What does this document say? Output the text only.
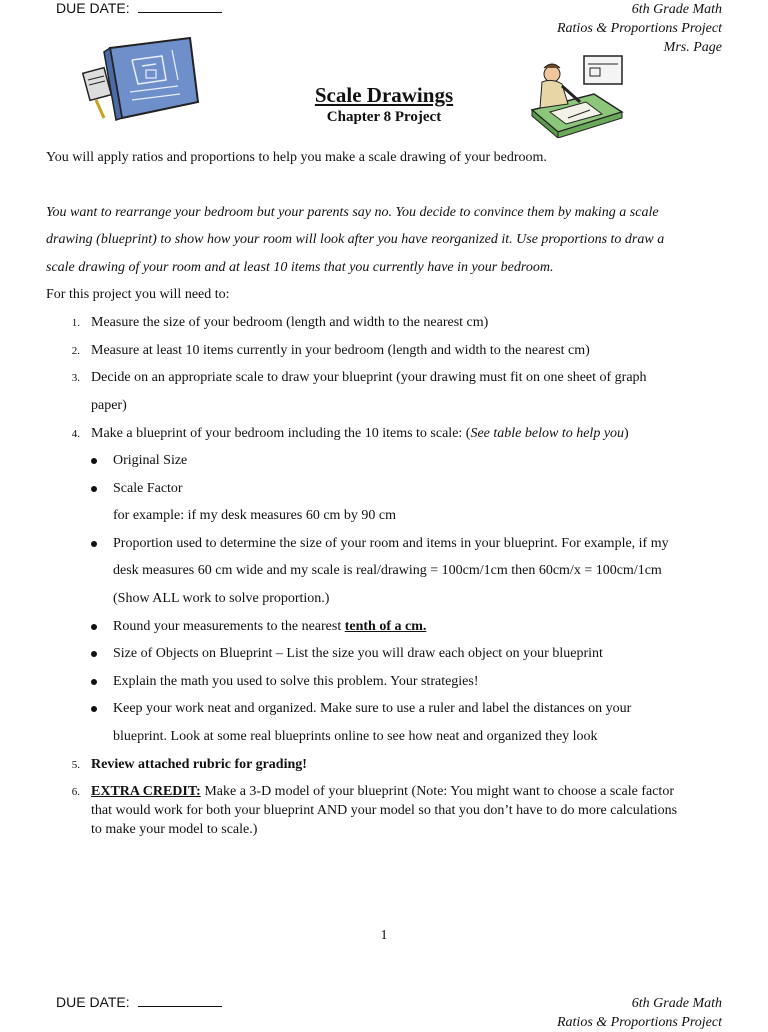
DUE DATE:	6th Grade Math
Ratios & Proportions Project
Mrs. Page
Scale Drawings
Chapter 8 Project
You will apply ratios and proportions to help you make a scale drawing of your bedroom.
You want to rearrange your bedroom but your parents say no. You decide to convince them by making a scale
drawing (blueprint) to show how your room will look after you have reorganized it. Use proportions to draw a
scale drawing of your room and at least 10 items that you currently have in your bedroom.
For this project you will need to:
1. Measure the size of your bedroom (length and width to the nearest cm)
2. Measure at least 10 items currently in your bedroom (length and width to the nearest cm)
3. Decide on an appropriate scale to draw your blueprint (your drawing must fit on one sheet of graph
paper)
4. Make a blueprint of your bedroom including the 10 items to scale: (See table below to help you)
Original Size
Scale Factor
for example: if my desk measures 60 cm by 90 cm
Proportion used to determine the size of your room and items in your blueprint. For example, if my
desk measures 60 cm wide and my scale is real/drawing = 100cm/1cm then 60cm/x = 100cm/1cm
(Show ALL work to solve proportion.)
Round your measurements to the nearest tenth of a cm.
Size of Objects on Blueprint – List the size you will draw each object on your blueprint
Explain the math you used to solve this problem. Your strategies!
Keep your work neat and organized. Make sure to use a ruler and label the distances on your
blueprint. Look at some real blueprints online to see how neat and organized they look
5. Review attached rubric for grading!
6. EXTRA CREDIT: Make a 3-D model of your blueprint (Note: You might want to choose a scale factor
that would work for both your blueprint AND your model so that you don’t have to do more calculations
to make your model to scale.)
1
DUE DATE:	6th Grade Math
Ratios & Proportions Project
